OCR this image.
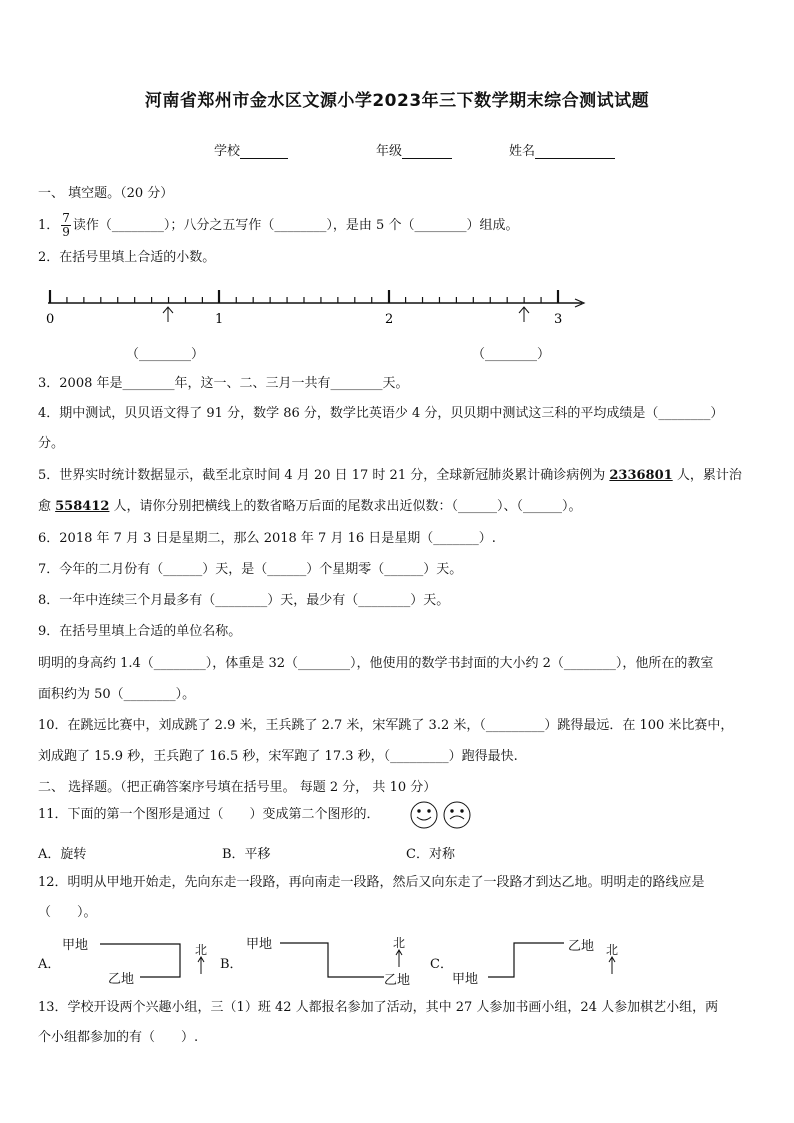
河南省郑州市金水区文源小学2023年三下数学期末综合测试试题
学校	年级	姓名
一、 填空题。（20 分）
1． $\frac{7}{9}$ 读作（________）；八分之五写作（________），是由 5 个（________）组成。
2．在括号里填上合适的小数。
0	1	2	3
（________）	（________）
3．2008 年是________年，这一、二、三月一共有________天。
4．期中测试，贝贝语文得了 91 分，数学 86 分，数学比英语少 4 分，贝贝期中测试这三科的平均成绩是（________）
分。
5．世界实时统计数据显示，截至北京时间 4 月 20 日 17 时 21 分，全球新冠肺炎累计确诊病例为 2336801 人，累计治
愈 558412 人，请你分别把横线上的数省略万后面的尾数求出近似数：（______）、（______）。
6．2018 年 7 月 3 日是星期二，那么 2018 年 7 月 16 日是星期（_______）.
7．今年的二月份有（______）天，是（______）个星期零（______）天。
8．一年中连续三个月最多有（________）天，最少有（________）天。
9．在括号里填上合适的单位名称。
明明的身高约 1.4（________），体重是 32（________），他使用的数学书封面的大小约 2（________），他所在的教室
面积约为 50（________）。
10．在跳远比赛中，刘成跳了 2.9 米，王兵跳了 2.7 米，宋军跳了 3.2 米，（_________）跳得最远．在 100 米比赛中，
刘成跑了 15.9 秒，王兵跑了 16.5 秒，宋军跑了 17.3 秒，（_________）跑得最快.
二、 选择题。（把正确答案序号填在括号里。 每题 2 分， 共 10 分）
11．下面的第一个图形是通过（　　）变成第二个图形的．
A．旋转	B．平移	C．对称
12．明明从甲地开始走，先向东走一段路，再向南走一段路，然后又向东走了一段路才到达乙地。明明走的路线应是
（　　）。
A．
甲地
乙地
北
B．
甲地
乙地
北
C．
甲地
乙地 北
13．学校开设两个兴趣小组，三（1）班 42 人都报名参加了活动，其中 27 人参加书画小组，24 人参加棋艺小组，两
个小组都参加的有（　　）.
